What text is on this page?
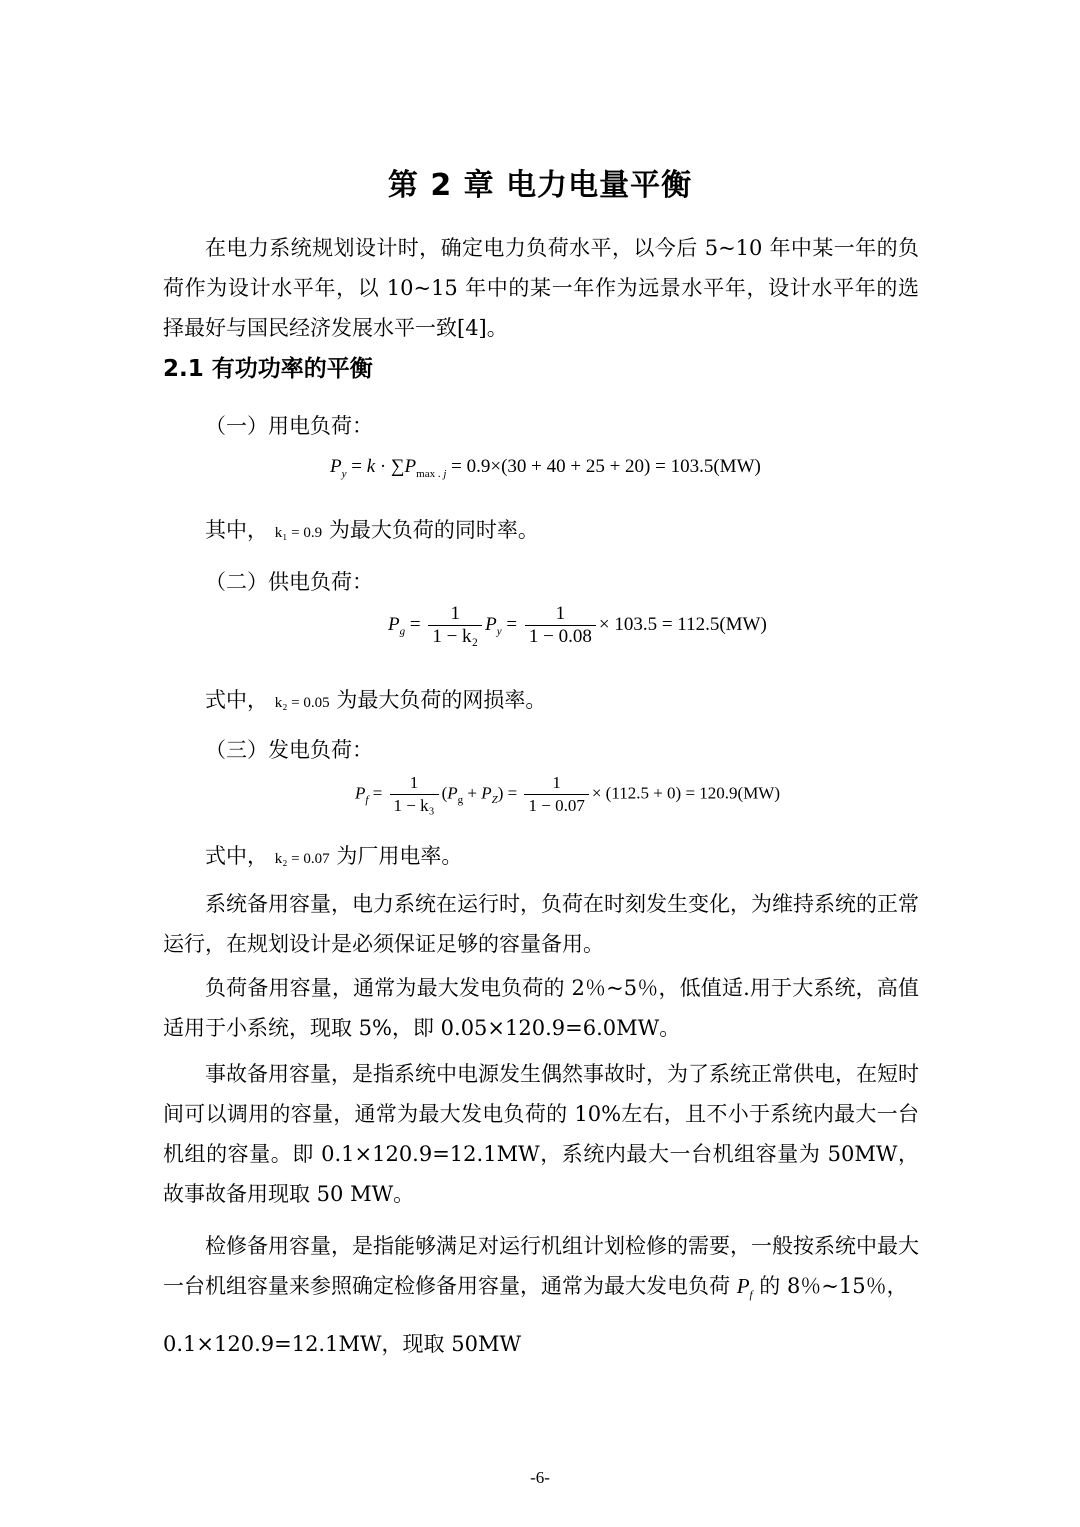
第 2 章 电力电量平衡
在电力系统规划设计时，确定电力负荷水平，以今后 5~10 年中某一年的负荷作为设计水平年，以 10~15 年中的某一年作为远景水平年，设计水平年的选择最好与国民经济发展水平一致[4]。
2.1 有功功率的平衡
（一）用电负荷：
$P_y = k \cdot \sum P_{max . j} = 0.9\times(30 + 40 + 25 + 20) = 103.5(MW)$
其中， k₁ = 0.9 为最大负荷的同时率。
（二）供电负荷：
$P_g = \frac{1}{\text{1 − k₂}} P_y = \frac{1}{1 - 0.08} \times 103.5 = 112.5(MW)$
式中， k₂ = 0.05 为最大负荷的网损率。
（三）发电负荷：
$P_f = \frac{1}{\text{1 − k₃}} (P_g + P_Z) = \frac{1}{1 - 0.07} \times (112.5 + 0) = 120.9(MW)$
式中， k₂ = 0.07 为厂用电率。
系统备用容量，电力系统在运行时，负荷在时刻发生变化，为维持系统的正常运行，在规划设计是必须保证足够的容量备用。
负荷备用容量，通常为最大发电负荷的 2％~5％，低值适.用于大系统，高值适用于小系统，现取 5%，即 0.05×120.9=6.0MW。
事故备用容量，是指系统中电源发生偶然事故时，为了系统正常供电，在短时间可以调用的容量，通常为最大发电负荷的 10%左右，且不小于系统内最大一台机组的容量。即 0.1×120.9=12.1MW，系统内最大一台机组容量为 50MW，故事故备用现取 50 MW。
检修备用容量，是指能够满足对运行机组计划检修的需要，一般按系统中最大一台机组容量来参照确定检修备用容量，通常为最大发电负荷 $P_f$ 的 8％~15％，
0.1×120.9=12.1MW，现取 50MW
-6-
